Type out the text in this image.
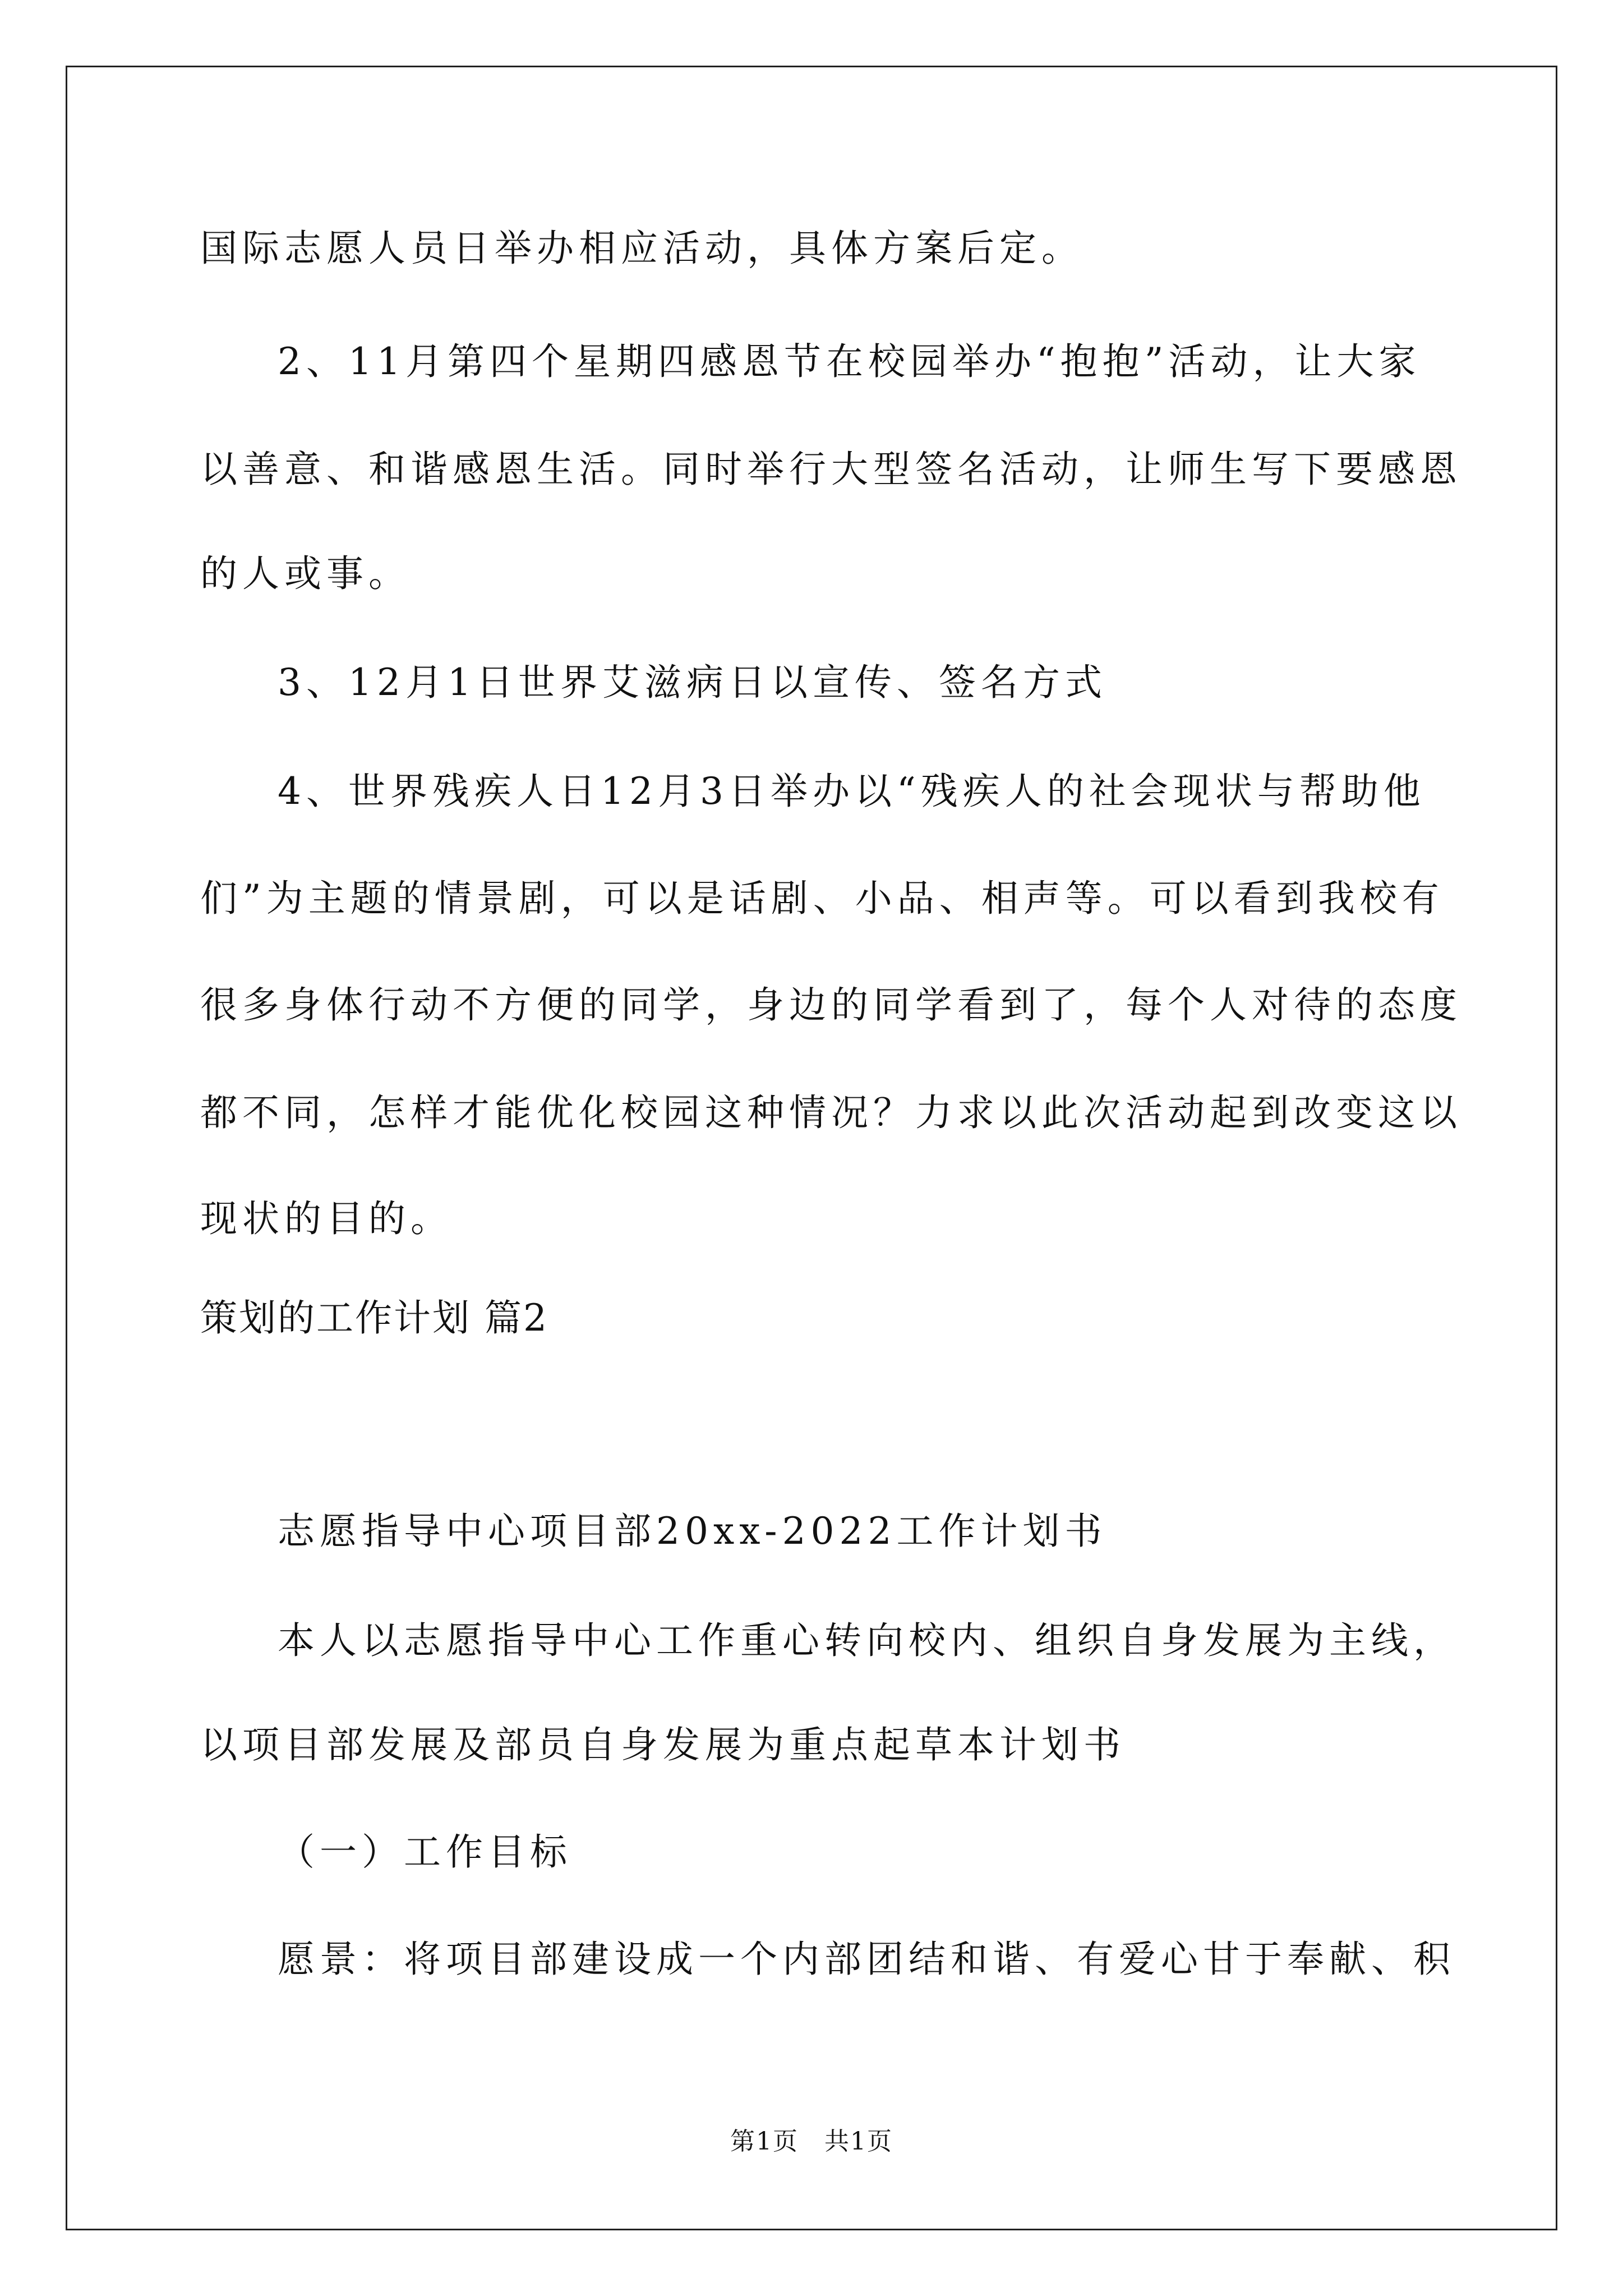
国际志愿人员日举办相应活动，具体方案后定。

2、11月第四个星期四感恩节在校园举办“抱抱”活动，让大家

以善意、和谐感恩生活。同时举行大型签名活动，让师生写下要感恩

的人或事。

3、12月1日世界艾滋病日以宣传、签名方式

4、世界残疾人日12月3日举办以“残疾人的社会现状与帮助他

们”为主题的情景剧，可以是话剧、小品、相声等。可以看到我校有

很多身体行动不方便的同学，身边的同学看到了，每个人对待的态度

都不同，怎样才能优化校园这种情况？力求以此次活动起到改变这以

现状的目的。

策划的工作计划 篇2

志愿指导中心项目部20xx-2022工作计划书

本人以志愿指导中心工作重心转向校内、组织自身发展为主线，

以项目部发展及部员自身发展为重点起草本计划书

（一）工作目标

愿景：将项目部建设成一个内部团结和谐、有爱心甘于奉献、积

第1页　共1页
